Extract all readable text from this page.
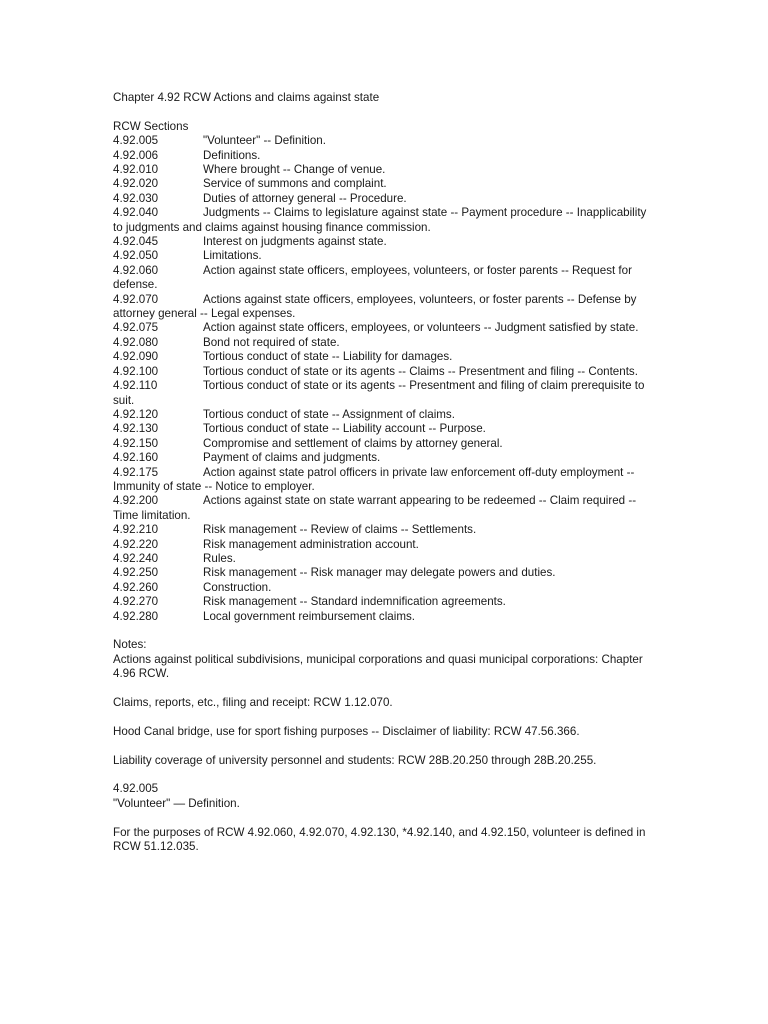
Chapter 4.92 RCW Actions and claims against state
RCW Sections
4.92.005	"Volunteer" -- Definition.
4.92.006	Definitions.
4.92.010	Where brought -- Change of venue.
4.92.020	Service of summons and complaint.
4.92.030	Duties of attorney general -- Procedure.
4.92.040	Judgments -- Claims to legislature against state -- Payment procedure -- Inapplicability to judgments and claims against housing finance commission.
4.92.045	Interest on judgments against state.
4.92.050	Limitations.
4.92.060	Action against state officers, employees, volunteers, or foster parents -- Request for defense.
4.92.070	Actions against state officers, employees, volunteers, or foster parents -- Defense by attorney general -- Legal expenses.
4.92.075	Action against state officers, employees, or volunteers -- Judgment satisfied by state.
4.92.080	Bond not required of state.
4.92.090	Tortious conduct of state -- Liability for damages.
4.92.100	Tortious conduct of state or its agents -- Claims -- Presentment and filing -- Contents.
4.92.110	Tortious conduct of state or its agents -- Presentment and filing of claim prerequisite to suit.
4.92.120	Tortious conduct of state -- Assignment of claims.
4.92.130	Tortious conduct of state -- Liability account -- Purpose.
4.92.150	Compromise and settlement of claims by attorney general.
4.92.160	Payment of claims and judgments.
4.92.175	Action against state patrol officers in private law enforcement off-duty employment -- Immunity of state -- Notice to employer.
4.92.200	Actions against state on state warrant appearing to be redeemed -- Claim required -- Time limitation.
4.92.210	Risk management -- Review of claims -- Settlements.
4.92.220	Risk management administration account.
4.92.240	Rules.
4.92.250	Risk management -- Risk manager may delegate powers and duties.
4.92.260	Construction.
4.92.270	Risk management -- Standard indemnification agreements.
4.92.280	Local government reimbursement claims.
Notes:
Actions against political subdivisions, municipal corporations and quasi municipal corporations: Chapter 4.96 RCW.
Claims, reports, etc., filing and receipt: RCW 1.12.070.
Hood Canal bridge, use for sport fishing purposes -- Disclaimer of liability: RCW 47.56.366.
Liability coverage of university personnel and students: RCW 28B.20.250 through 28B.20.255.
4.92.005
"Volunteer" — Definition.
For the purposes of RCW 4.92.060, 4.92.070, 4.92.130, *4.92.140, and 4.92.150, volunteer is defined in RCW 51.12.035.
